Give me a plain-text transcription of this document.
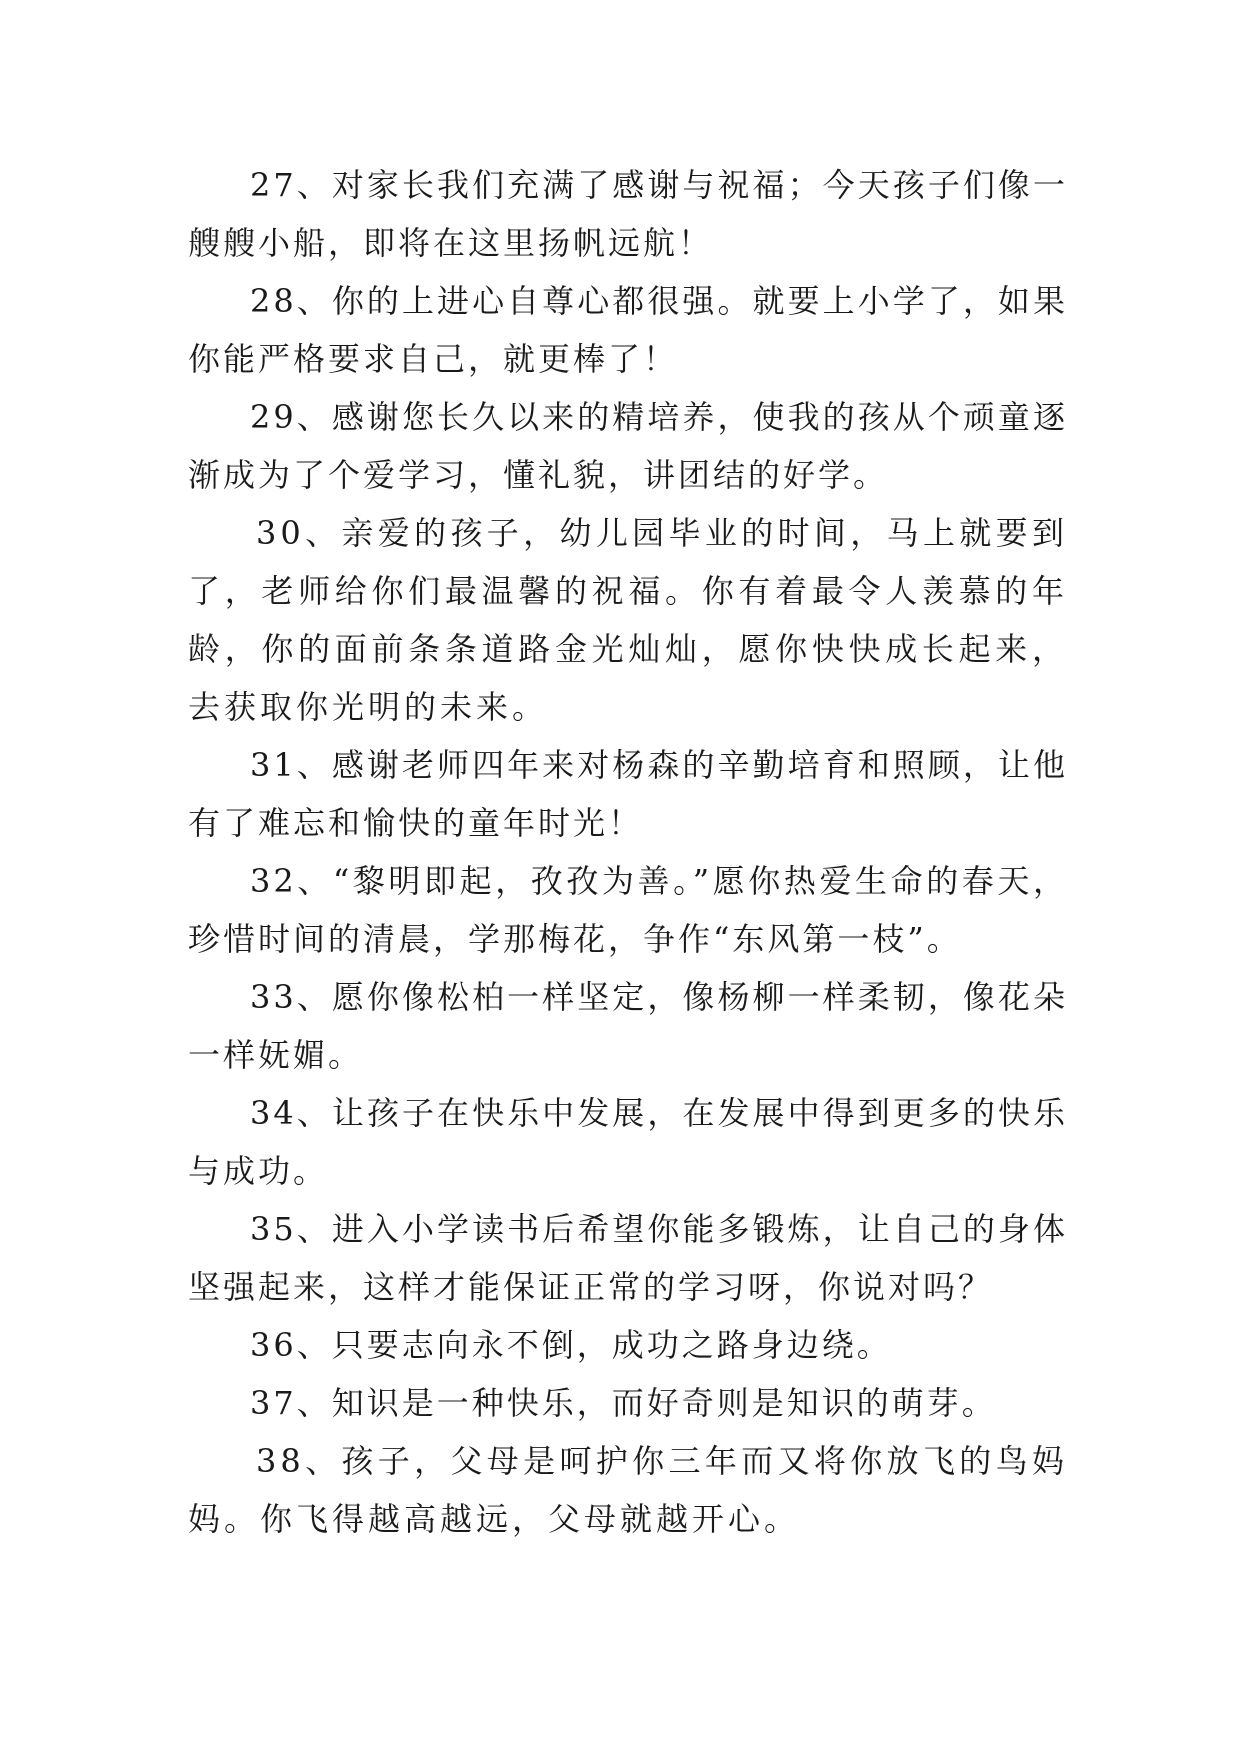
27、对家长我们充满了感谢与祝福；今天孩子们像一艘艘小船，即将在这里扬帆远航！

28、你的上进心自尊心都很强。就要上小学了，如果你能严格要求自己，就更棒了！

29、感谢您长久以来的精培养，使我的孩从个顽童逐渐成为了个爱学习，懂礼貌，讲团结的好学。

30、亲爱的孩子，幼儿园毕业的时间，马上就要到了，老师给你们最温馨的祝福。你有着最令人羡慕的年龄，你的面前条条道路金光灿灿，愿你快快成长起来，去获取你光明的未来。

31、感谢老师四年来对杨森的辛勤培育和照顾，让他有了难忘和愉快的童年时光！

32、“黎明即起，孜孜为善。”愿你热爱生命的春天，珍惜时间的清晨，学那梅花，争作“东风第一枝”。

33、愿你像松柏一样坚定，像杨柳一样柔韧，像花朵一样妩媚。

34、让孩子在快乐中发展，在发展中得到更多的快乐与成功。

35、进入小学读书后希望你能多锻炼，让自己的身体坚强起来，这样才能保证正常的学习呀，你说对吗？

36、只要志向永不倒，成功之路身边绕。

37、知识是一种快乐，而好奇则是知识的萌芽。

38、孩子，父母是呵护你三年而又将你放飞的鸟妈妈。你飞得越高越远，父母就越开心。
